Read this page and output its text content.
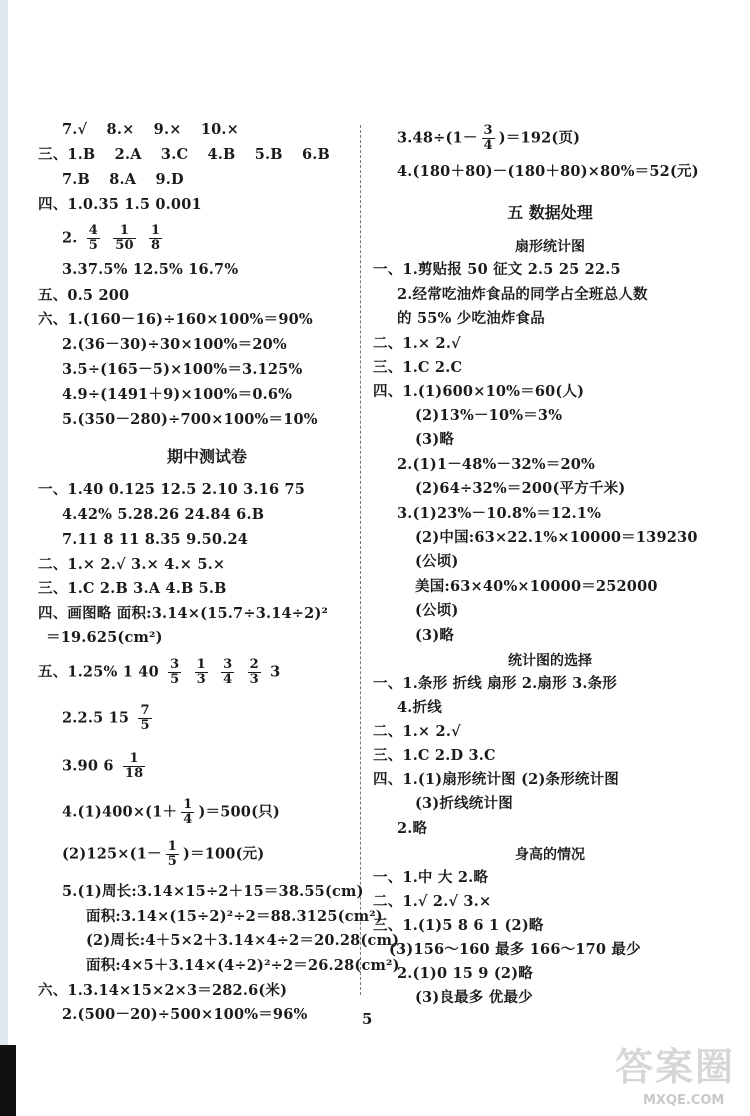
7.√ 8.× 9.× 10.×
三、1.B 2.A 3.C 4.B 5.B 6.B
7.B 8.A 9.D
四、1.0.35 1.5 0.001
2. $\frac{4}{5}$
$\frac{1}{50}$
$\frac{1}{8}$
3.37.5% 12.5% 16.7%
五、0.5 200
六、1.(160－16)÷160×100%＝90%
2.(36－30)÷30×100%＝20%
3.5÷(165－5)×100%＝3.125%
4.9÷(1491＋9)×100%＝0.6%
5.(350－280)÷700×100%＝10%
期中测试卷
一、1.40 0.125 12.5 2.10 3.16 75
4.42% 5.28.26 24.84 6.B
7.11 8 11 8.35 9.50.24
二、1.× 2.√ 3.× 4.× 5.×
三、1.C 2.B 3.A 4.B 5.B
四、画图略 面积:3.14×(15.7÷3.14÷2)²
＝19.625(cm²)
五、1.25% 1 $40 \frac{3}{5}$
$\frac{1}{3}$
$\frac{3}{4}$
$\frac{2}{3} 3$
2.2.5 $15 \frac{7}{5}$
3.90 $6 \frac{1}{18}$
$4.(1)400\times(1+ \frac{1}{4} )=500$(只)
$(2)125\times(1- \frac{1}{5} )=100$(元)
5.(1)周长:3.14×15÷2＋15＝38.55(cm)
面积:3.14×(15÷2)²÷2＝88.3125(cm²)
(2)周长:4＋5×2＋3.14×4÷2＝20.28(cm)
面积:4×5＋3.14×(4÷2)²÷2＝26.28(cm²)
六、1.3.14×15×2×3＝282.6(米)
2.(500－20)÷500×100%＝96%
$3.48\div(1- \frac{3}{4} )=192$(页)
4.(180＋80)－(180＋80)×80%＝52(元)
五 数据处理
扇形统计图
一、1.剪贴报 50 征文 2.5 25 22.5
2.经常吃油炸食品的同学占全班总人数
的 55% 少吃油炸食品
二、1.× 2.√
三、1.C 2.C
四、1.(1)600×10%＝60(人)
(2)13%－10%＝3%
(3)略
2.(1)1－48%－32%＝20%
(2)64÷32%＝200(平方千米)
3.(1)23%－10.8%＝12.1%
(2)中国:63×22.1%×10000＝139230
(公顷)
美国:63×40%×10000＝252000
(公顷)
(3)略
统计图的选择
一、1.条形 折线 扇形 2.扇形 3.条形
4.折线
二、1.× 2.√
三、1.C 2.D 3.C
四、1.(1)扇形统计图 (2)条形统计图
(3)折线统计图
2.略
身高的情况
一、1.中 大 2.略
二、1.√ 2.√ 3.×
三、1.(1)5 8 6 1 (2)略
(3)156～160 最多 166～170 最少
2.(1)0 15 9 (2)略
(3)良最多 优最少
5
答案圈
MXQE.COM
